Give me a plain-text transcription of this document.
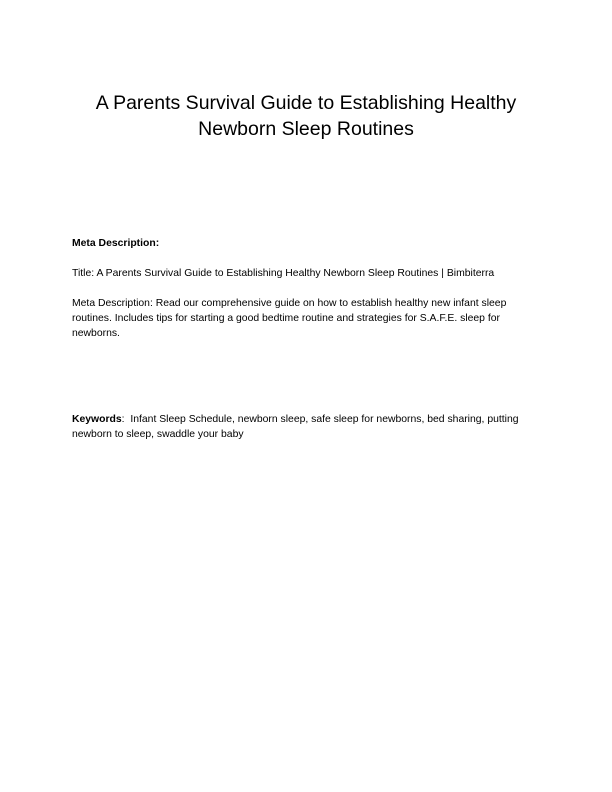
A Parents Survival Guide to Establishing Healthy Newborn Sleep Routines

Meta Description:

Title: A Parents Survival Guide to Establishing Healthy Newborn Sleep Routines | Bimbiterra

Meta Description: Read our comprehensive guide on how to establish healthy new infant sleep routines. Includes tips for starting a good bedtime routine and strategies for S.A.F.E. sleep for newborns.

Keywords:  Infant Sleep Schedule, newborn sleep, safe sleep for newborns, bed sharing, putting newborn to sleep, swaddle your baby
